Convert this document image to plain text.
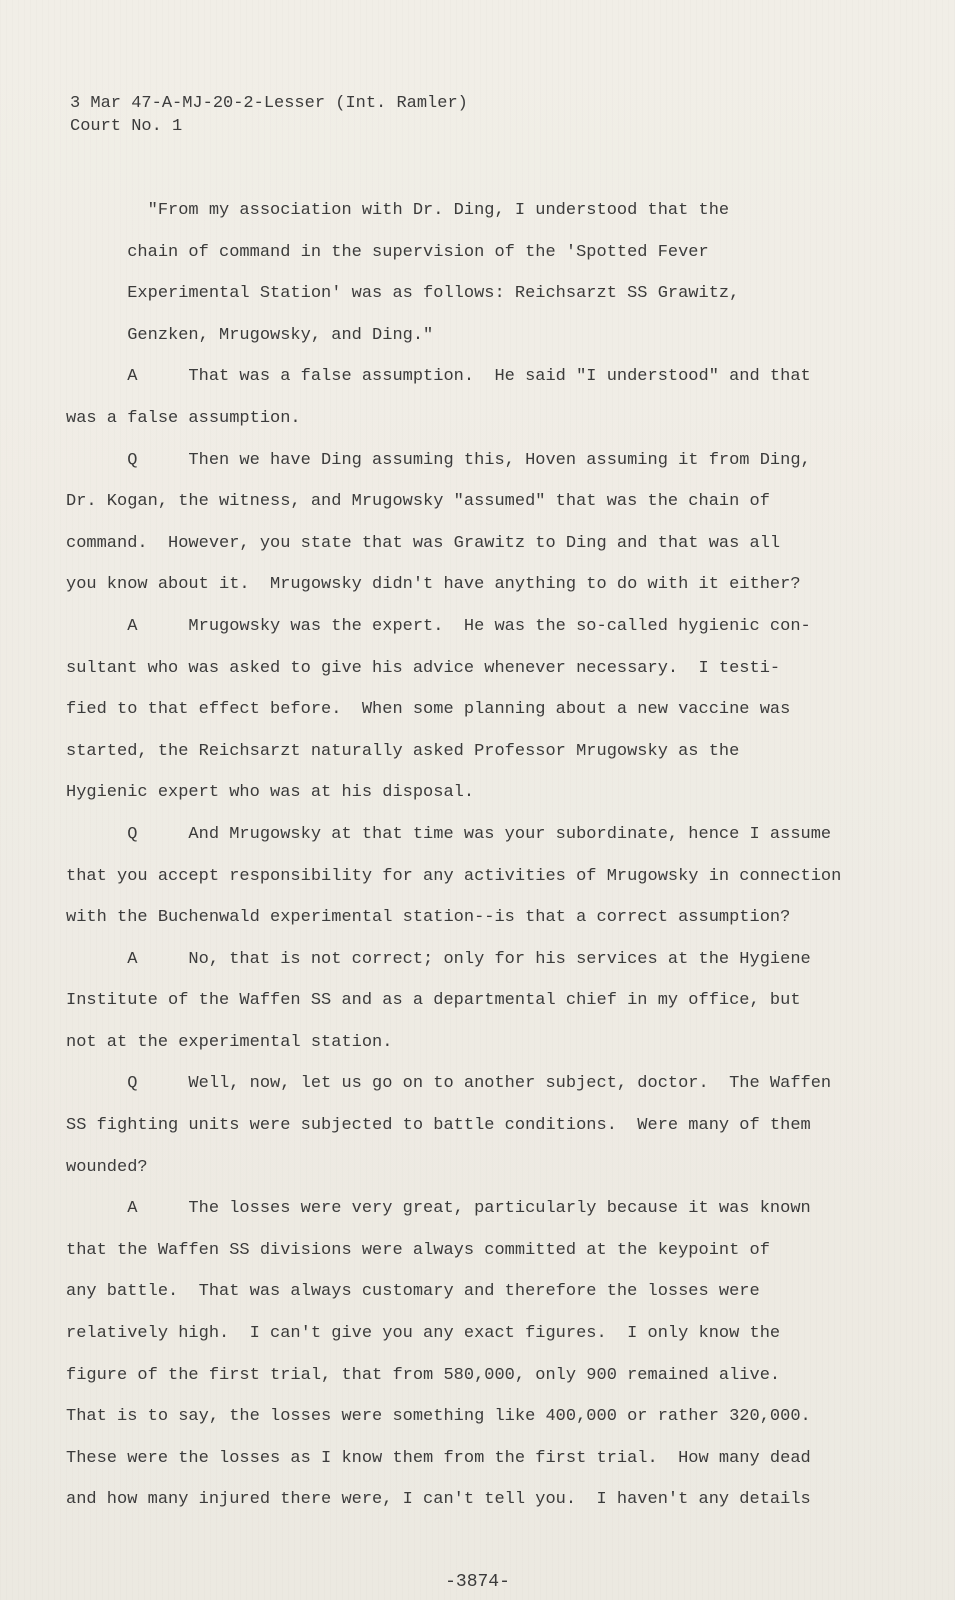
3 Mar 47-A-MJ-20-2-Lesser (Int. Ramler)
Court No. 1
"From my association with Dr. Ding, I understood that the
chain of command in the supervision of the 'Spotted Fever
Experimental Station' was as follows: Reichsarzt SS Grawitz,
Genzken, Mrugowsky, and Ding."
A     That was a false assumption.  He said "I understood" and that
was a false assumption.
Q     Then we have Ding assuming this, Hoven assuming it from Ding,
Dr. Kogan, the witness, and Mrugowsky "assumed" that was the chain of
command.  However, you state that was Grawitz to Ding and that was all
you know about it.  Mrugowsky didn't have anything to do with it either?
A     Mrugowsky was the expert.  He was the so-called hygienic con-
sultant who was asked to give his advice whenever necessary.  I testi-
fied to that effect before.  When some planning about a new vaccine was
started, the Reichsarzt naturally asked Professor Mrugowsky as the
Hygienic expert who was at his disposal.
Q     And Mrugowsky at that time was your subordinate, hence I assume
that you accept responsibility for any activities of Mrugowsky in connection
with the Buchenwald experimental station--is that a correct assumption?
A     No, that is not correct; only for his services at the Hygiene
Institute of the Waffen SS and as a departmental chief in my office, but
not at the experimental station.
Q     Well, now, let us go on to another subject, doctor.  The Waffen
SS fighting units were subjected to battle conditions.  Were many of them
wounded?
A     The losses were very great, particularly because it was known
that the Waffen SS divisions were always committed at the keypoint of
any battle.  That was always customary and therefore the losses were
relatively high.  I can't give you any exact figures.  I only know the
figure of the first trial, that from 580,000, only 900 remained alive.
That is to say, the losses were something like 400,000 or rather 320,000.
These were the losses as I know them from the first trial.  How many dead
and how many injured there were, I can't tell you.  I haven't any details
-3874-
